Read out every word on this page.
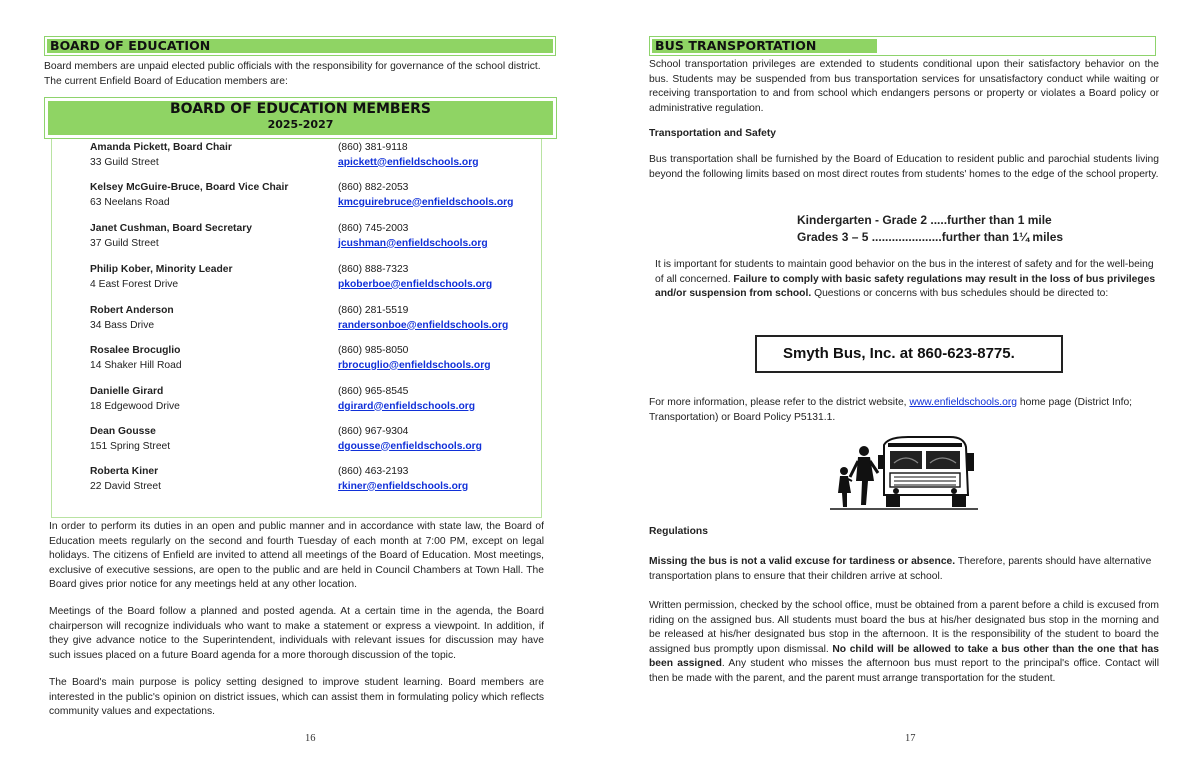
BOARD OF EDUCATION
Board members are unpaid elected public officials with the responsibility for governance of the school district.
The current Enfield Board of Education members are:
BOARD OF EDUCATION MEMBERS
2025-2027
Amanda Pickett, Board Chair
33 Guild Street
(860) 381-9118
apickett@enfieldschools.org
Kelsey McGuire-Bruce, Board Vice Chair
63 Neelans Road
(860) 882-2053
kmcguirebruce@enfieldschools.org
Janet Cushman, Board Secretary
37 Guild Street
(860) 745-2003
jcushman@enfieldschools.org
Philip Kober, Minority Leader
4 East Forest Drive
(860) 888-7323
pkoberboe@enfieldschools.org
Robert Anderson
34 Bass Drive
(860) 281-5519
randersonboe@enfieldschools.org
Rosalee Brocuglio
14 Shaker Hill Road
(860) 985-8050
rbrocuglio@enfieldschools.org
Danielle Girard
18 Edgewood Drive
(860) 965-8545
dgirard@enfieldschools.org
Dean Gousse
151 Spring Street
(860) 967-9304
dgousse@enfieldschools.org
Roberta Kiner
22 David Street
(860) 463-2193
rkiner@enfieldschools.org
In order to perform its duties in an open and public manner and in accordance with state law, the Board of Education meets regularly on the second and fourth Tuesday of each month at 7:00 PM, except on legal holidays. The citizens of Enfield are invited to attend all meetings of the Board of Education. Most meetings, exclusive of executive sessions, are open to the public and are held in Council Chambers at Town Hall. The Board gives prior notice for any meetings held at any other location.
Meetings of the Board follow a planned and posted agenda. At a certain time in the agenda, the Board chairperson will recognize individuals who want to make a statement or express a viewpoint. In addition, if they give advance notice to the Superintendent, individuals with relevant issues for discussion may have such issues placed on a future Board agenda for a more thorough discussion of the topic.
The Board's main purpose is policy setting designed to improve student learning. Board members are interested in the public's opinion on district issues, which can assist them in formulating policy which reflects community values and expectations.
16
BUS TRANSPORTATION
School transportation privileges are extended to students conditional upon their satisfactory behavior on the bus. Students may be suspended from bus transportation services for unsatisfactory conduct while waiting or receiving transportation to and from school which endangers persons or property or violates a Board policy or administrative regulation.
Transportation and Safety
Bus transportation shall be furnished by the Board of Education to resident public and parochial students living beyond the following limits based on most direct routes from students' homes to the edge of the school property.
Kindergarten - Grade 2 .....further than 1 mile
Grades 3 – 5 .....................further than 1¼ miles
It is important for students to maintain good behavior on the bus in the interest of safety and for the well-being of all concerned. Failure to comply with basic safety regulations may result in the loss of bus privileges and/or suspension from school. Questions or concerns with bus schedules should be directed to:
Smyth Bus, Inc. at 860-623-8775.
For more information, please refer to the district website, www.enfieldschools.org home page (District Info; Transportation) or Board Policy P5131.1.
Regulations
Missing the bus is not a valid excuse for tardiness or absence. Therefore, parents should have alternative transportation plans to ensure that their children arrive at school.
Written permission, checked by the school office, must be obtained from a parent before a child is excused from riding on the assigned bus. All students must board the bus at his/her designated bus stop in the morning and be released at his/her designated bus stop in the afternoon. It is the responsibility of the student to board the assigned bus promptly upon dismissal. No child will be allowed to take a bus other than the one that has been assigned. Any student who misses the afternoon bus must report to the principal's office. Contact will then be made with the parent, and the parent must arrange transportation for the student.
17
